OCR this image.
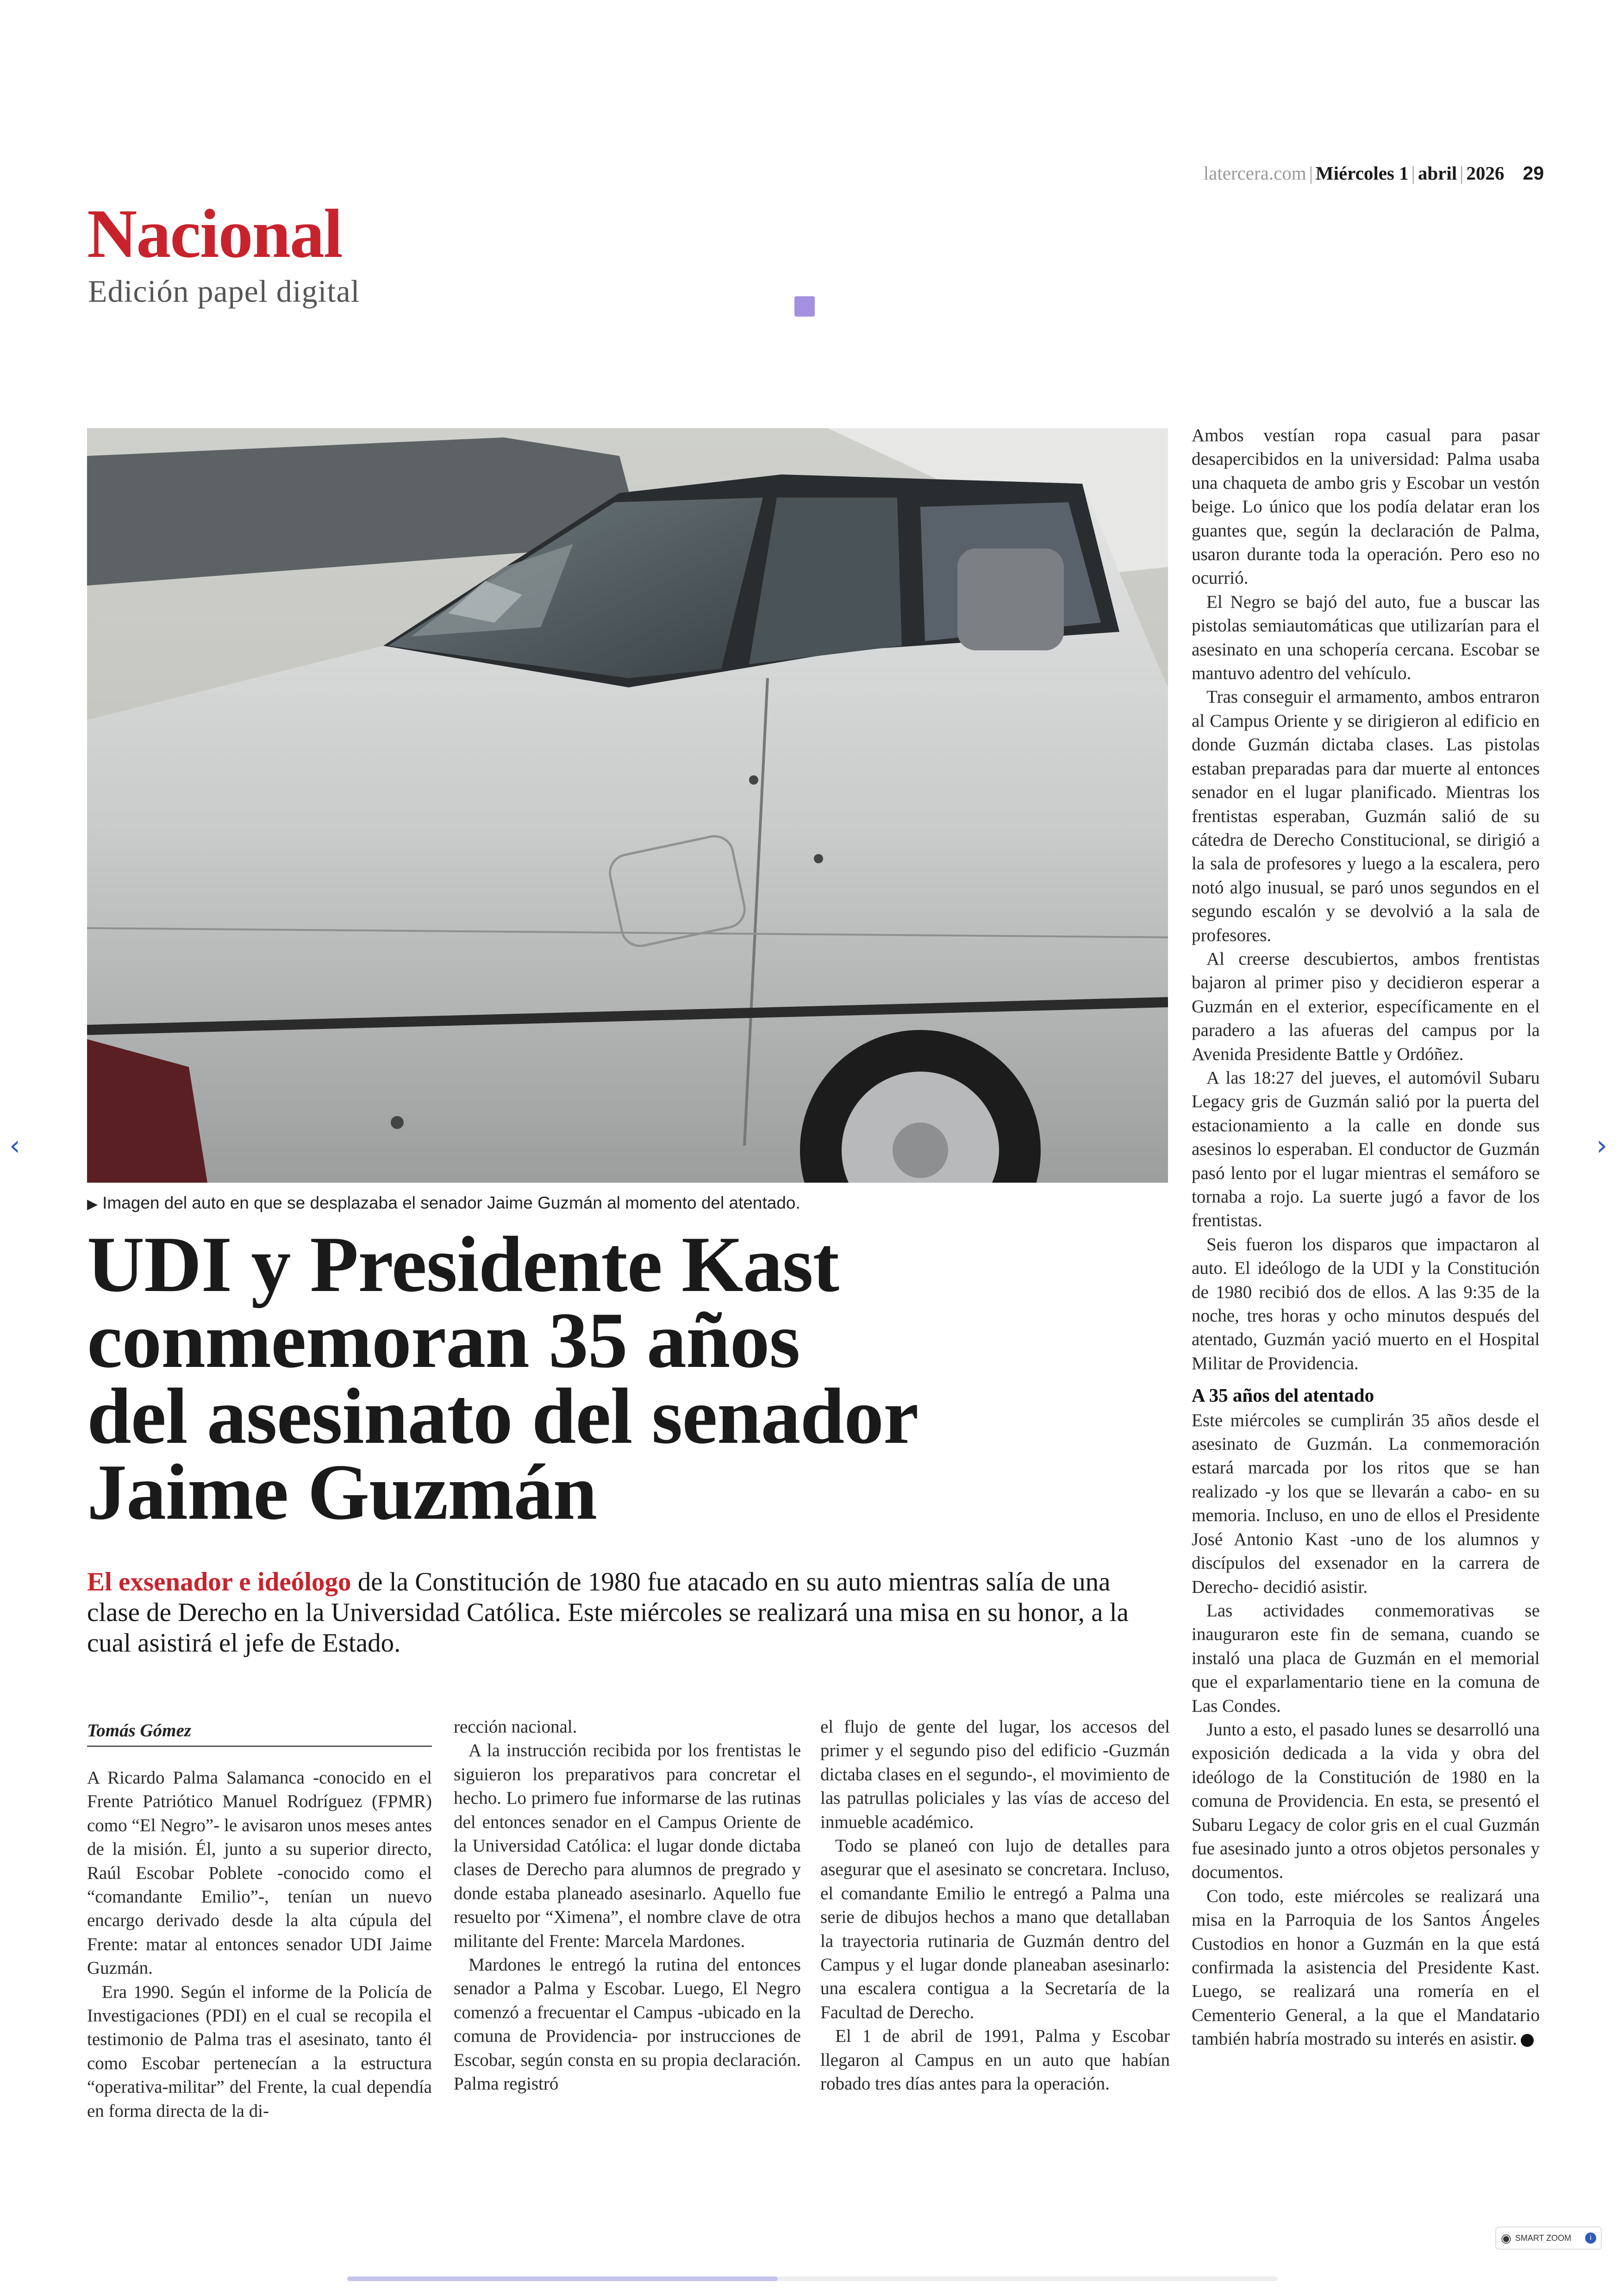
latercera.com | Miércoles 1 | abril | 2026 29
Nacional
Edición papel digital
▶ Imagen del auto en que se desplazaba el senador Jaime Guzmán al momento del atentado.
UDI y Presidente Kast
conmemoran 35 años
del asesinato del senador
Jaime Guzmán
El exsenador e ideólogo de la Constitución de 1980 fue atacado en su auto mientras salía de una clase de Derecho en la Universidad Católica. Este miércoles se realizará una misa en su honor, a la cual asistirá el jefe de Estado.
Tomás Gómez

A Ricardo Palma Salamanca -conocido en el Frente Patriótico Manuel Rodríguez (FPMR) como “El Negro”- le avisaron unos meses antes de la misión. Él, junto a su superior directo, Raúl Escobar Poblete -conocido como el “comandante Emilio”-, tenían un nuevo encargo derivado desde la alta cúpula del Frente: matar al entonces senador UDI Jaime Guzmán.

Era 1990. Según el informe de la Policía de Investigaciones (PDI) en el cual se recopila el testimonio de Palma tras el asesinato, tanto él como Escobar pertenecían a la estructura “operativa-militar” del Frente, la cual dependía en forma directa de la di-

rección nacional.

A la instrucción recibida por los frentistas le siguieron los preparativos para concretar el hecho. Lo primero fue informarse de las rutinas del entonces senador en el Campus Oriente de la Universidad Católica: el lugar donde dictaba clases de Derecho para alumnos de pregrado y donde estaba planeado asesinarlo. Aquello fue resuelto por “Ximena”, el nombre clave de otra militante del Frente: Marcela Mardones.

Mardones le entregó la rutina del entonces senador a Palma y Escobar. Luego, El Negro comenzó a frecuentar el Campus -ubicado en la comuna de Providencia- por instrucciones de Escobar, según consta en su propia declaración. Palma registró

el flujo de gente del lugar, los accesos del primer y el segundo piso del edificio -Guzmán dictaba clases en el segundo-, el movimiento de las patrullas policiales y las vías de acceso del inmueble académico.

Todo se planeó con lujo de detalles para asegurar que el asesinato se concretara. Incluso, el comandante Emilio le entregó a Palma una serie de dibujos hechos a mano que detallaban la trayectoria rutinaria de Guzmán dentro del Campus y el lugar donde planeaban asesinarlo: una escalera contigua a la Secretaría de la Facultad de Derecho.

El 1 de abril de 1991, Palma y Escobar llegaron al Campus en un auto que habían robado tres días antes para la operación.

Ambos vestían ropa casual para pasar desapercibidos en la universidad: Palma usaba una chaqueta de ambo gris y Escobar un vestón beige. Lo único que los podía delatar eran los guantes que, según la declaración de Palma, usaron durante toda la operación. Pero eso no ocurrió.

El Negro se bajó del auto, fue a buscar las pistolas semiautomáticas que utilizarían para el asesinato en una schopería cercana. Escobar se mantuvo adentro del vehículo.

Tras conseguir el armamento, ambos entraron al Campus Oriente y se dirigieron al edificio en donde Guzmán dictaba clases. Las pistolas estaban preparadas para dar muerte al entonces senador en el lugar planificado. Mientras los frentistas esperaban, Guzmán salió de su cátedra de Derecho Constitucional, se dirigió a la sala de profesores y luego a la escalera, pero notó algo inusual, se paró unos segundos en el segundo escalón y se devolvió a la sala de profesores.

Al creerse descubiertos, ambos frentistas bajaron al primer piso y decidieron esperar a Guzmán en el exterior, específicamente en el paradero a las afueras del campus por la Avenida Presidente Battle y Ordóñez.

A las 18:27 del jueves, el automóvil Subaru Legacy gris de Guzmán salió por la puerta del estacionamiento a la calle en donde sus asesinos lo esperaban. El conductor de Guzmán pasó lento por el lugar mientras el semáforo se tornaba a rojo. La suerte jugó a favor de los frentistas.

Seis fueron los disparos que impactaron al auto. El ideólogo de la UDI y la Constitución de 1980 recibió dos de ellos. A las 9:35 de la noche, tres horas y ocho minutos después del atentado, Guzmán yació muerto en el Hospital Militar de Providencia.

A 35 años del atentado

Este miércoles se cumplirán 35 años desde el asesinato de Guzmán. La conmemoración estará marcada por los ritos que se han realizado -y los que se llevarán a cabo- en su memoria. Incluso, en uno de ellos el Presidente José Antonio Kast -uno de los alumnos y discípulos del exsenador en la carrera de Derecho- decidió asistir.

Las actividades conmemorativas se inauguraron este fin de semana, cuando se instaló una placa de Guzmán en el memorial que el exparlamentario tiene en la comuna de Las Condes.

Junto a esto, el pasado lunes se desarrolló una exposición dedicada a la vida y obra del ideólogo de la Constitución de 1980 en la comuna de Providencia. En esta, se presentó el Subaru Legacy de color gris en el cual Guzmán fue asesinado junto a otros objetos personales y documentos.

Con todo, este miércoles se realizará una misa en la Parroquia de los Santos Ángeles Custodios en honor a Guzmán en la que está confirmada la asistencia del Presidente Kast. Luego, se realizará una romería en el Cementerio General, a la que el Mandatario también habría mostrado su interés en asistir.

‹	›
◉ SMART ZOOM	i
